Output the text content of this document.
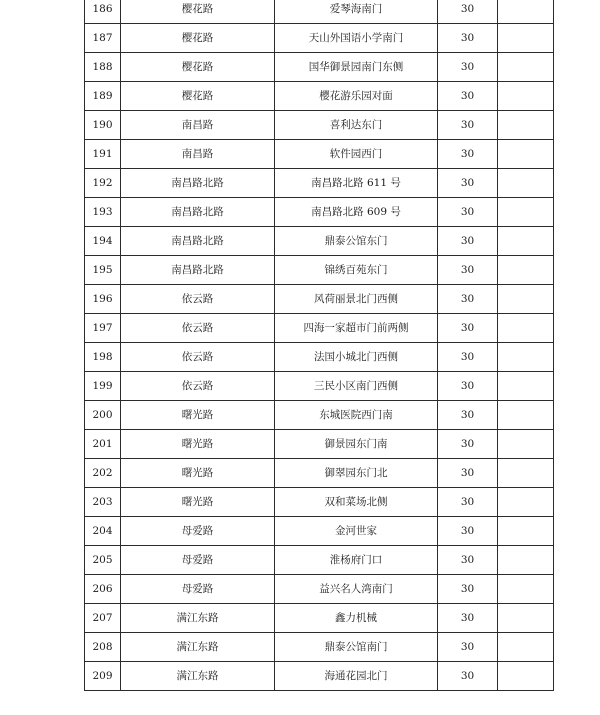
186	樱花路	爱琴海南门	30	
187	樱花路	天山外国语小学南门	30	
188	樱花路	国华御景园南门东侧	30	
189	樱花路	樱花游乐园对面	30	
190	南昌路	喜利达东门	30	
191	南昌路	软件园西门	30	
192	南昌路北路	南昌路北路 611 号	30	
193	南昌路北路	南昌路北路 609 号	30	
194	南昌路北路	鼎泰公馆东门	30	
195	南昌路北路	锦绣百苑东门	30	
196	依云路	风荷丽景北门西侧	30	
197	依云路	四海一家超市门前两侧	30	
198	依云路	法国小城北门西侧	30	
199	依云路	三民小区南门西侧	30	
200	曙光路	东城医院西门南	30	
201	曙光路	御景园东门南	30	
202	曙光路	御翠园东门北	30	
203	曙光路	双和菜场北侧	30	
204	母爱路	金河世家	30	
205	母爱路	淮杨府门口	30	
206	母爱路	益兴名人湾南门	30	
207	满江东路	鑫力机械	30	
208	满江东路	鼎泰公馆南门	30	
209	满江东路	海通花园北门	30	
